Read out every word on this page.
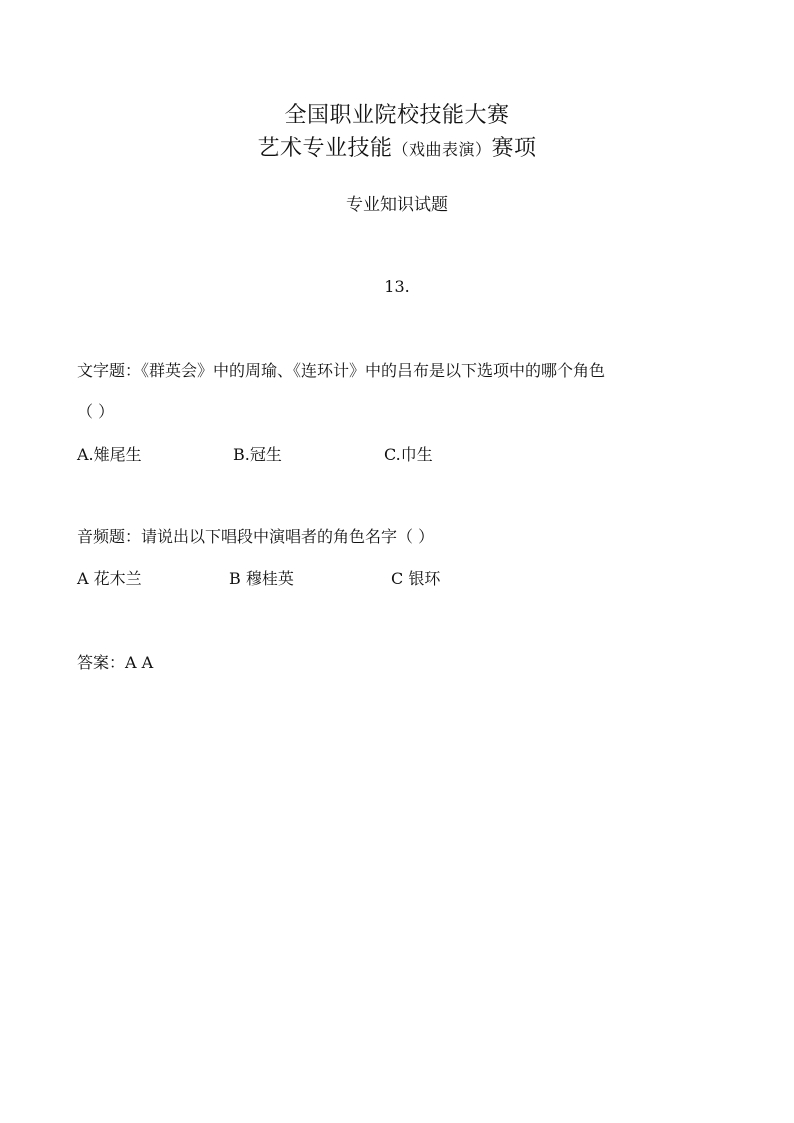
全国职业院校技能大赛
艺术专业技能（戏曲表演）赛项
专业知识试题
13.
文字题：《群英会》中的周瑜、《连环计》中的吕布是以下选项中的哪个角色
（ ）
A.雉尾生	B.冠生	C.巾生
音频题：请说出以下唱段中演唱者的角色名字（ ）
A 花木兰	B 穆桂英	C 银环
答案：A A
